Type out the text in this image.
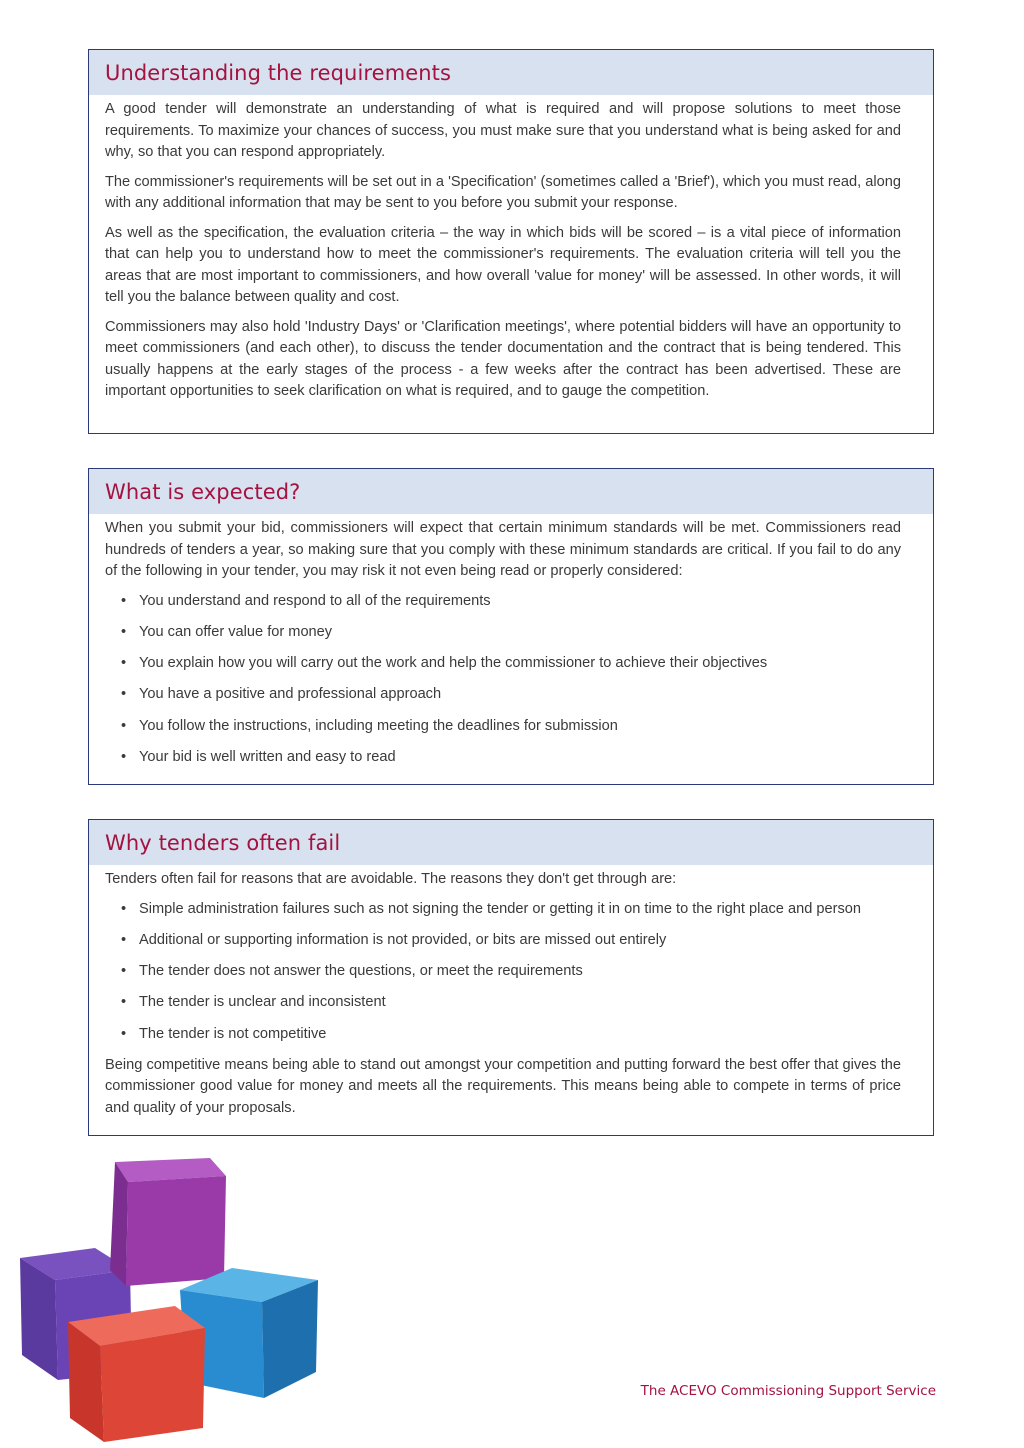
Understanding the requirements

A good tender will demonstrate an understanding of what is required and will propose solutions to meet those requirements. To maximize your chances of success, you must make sure that you understand what is being asked for and why, so that you can respond appropriately.

The commissioner's requirements will be set out in a 'Specification' (sometimes called a 'Brief'), which you must read, along with any additional information that may be sent to you before you submit your response.

As well as the specification, the evaluation criteria – the way in which bids will be scored – is a vital piece of information that can help you to understand how to meet the commissioner's requirements. The evaluation criteria will tell you the areas that are most important to commissioners, and how overall 'value for money' will be assessed. In other words, it will tell you the balance between quality and cost.

Commissioners may also hold 'Industry Days' or 'Clarification meetings', where potential bidders will have an opportunity to meet commissioners (and each other), to discuss the tender documentation and the contract that is being tendered. This usually happens at the early stages of the process - a few weeks after the contract has been advertised. These are important opportunities to seek clarification on what is required, and to gauge the competition.

What is expected?

When you submit your bid, commissioners will expect that certain minimum standards will be met. Commissioners read hundreds of tenders a year, so making sure that you comply with these minimum standards are critical. If you fail to do any of the following in your tender, you may risk it not even being read or properly considered:

• You understand and respond to all of the requirements
• You can offer value for money
• You explain how you will carry out the work and help the commissioner to achieve their objectives
• You have a positive and professional approach
• You follow the instructions, including meeting the deadlines for submission
• Your bid is well written and easy to read
Why tenders often fail

Tenders often fail for reasons that are avoidable. The reasons they don't get through are:

• Simple administration failures such as not signing the tender or getting it in on time to the right place and person
• Additional or supporting information is not provided, or bits are missed out entirely
• The tender does not answer the questions, or meet the requirements
• The tender is unclear and inconsistent
• The tender is not competitive

Being competitive means being able to stand out amongst your competition and putting forward the best offer that gives the commissioner good value for money and meets all the requirements. This means being able to compete in terms of price and quality of your proposals.

The ACEVO Commissioning Support Service
